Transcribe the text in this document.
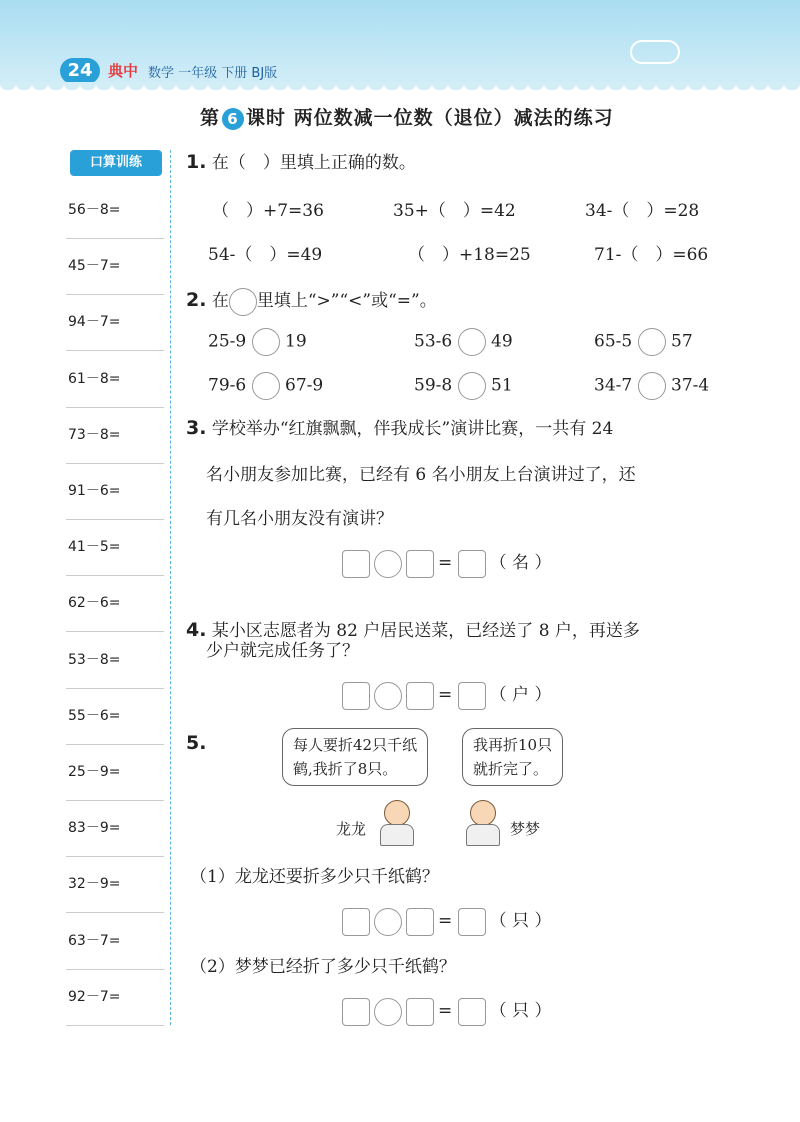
24	典中 数学 一年级 下册 BJ版
第 6 课时 两位数减一位数（退位）减法的练习
口算训练
56－8=
45－7=
94－7=
61－8=
73－8=
91－6=
41－5=
62－6=
53－8=
55－6=
25－9=
83－9=
32－9=
63－7=
92－7=
1. 在（　）里填上正确的数。
（　）+7=36	35+（　）=42	34-（　）=28
54-（　）=49	（　）+18=25	71-（　）=66
2. 在 里填上“>”“<”或“=”。
25-9 19	53-6 49	65-5 57
79-6 67-9	59-8 51	34-7 37-4
3. 学校举办“红旗飘飘，伴我成长”演讲比赛，一共有 24
名小朋友参加比赛，已经有 6 名小朋友上台演讲过了，还
有几名小朋友没有演讲？
= （ 名 ）
4. 某小区志愿者为 82 户居民送菜，已经送了 8 户，再送多
少户就完成任务了？
= （ 户 ）
5.	每人要折42只千纸
鹤,我折了8只。
我再折10只
就折完了。
龙龙	梦梦
（1）龙龙还要折多少只千纸鹤？
= （ 只 ）
（2）梦梦已经折了多少只千纸鹤？
= （ 只 ）
